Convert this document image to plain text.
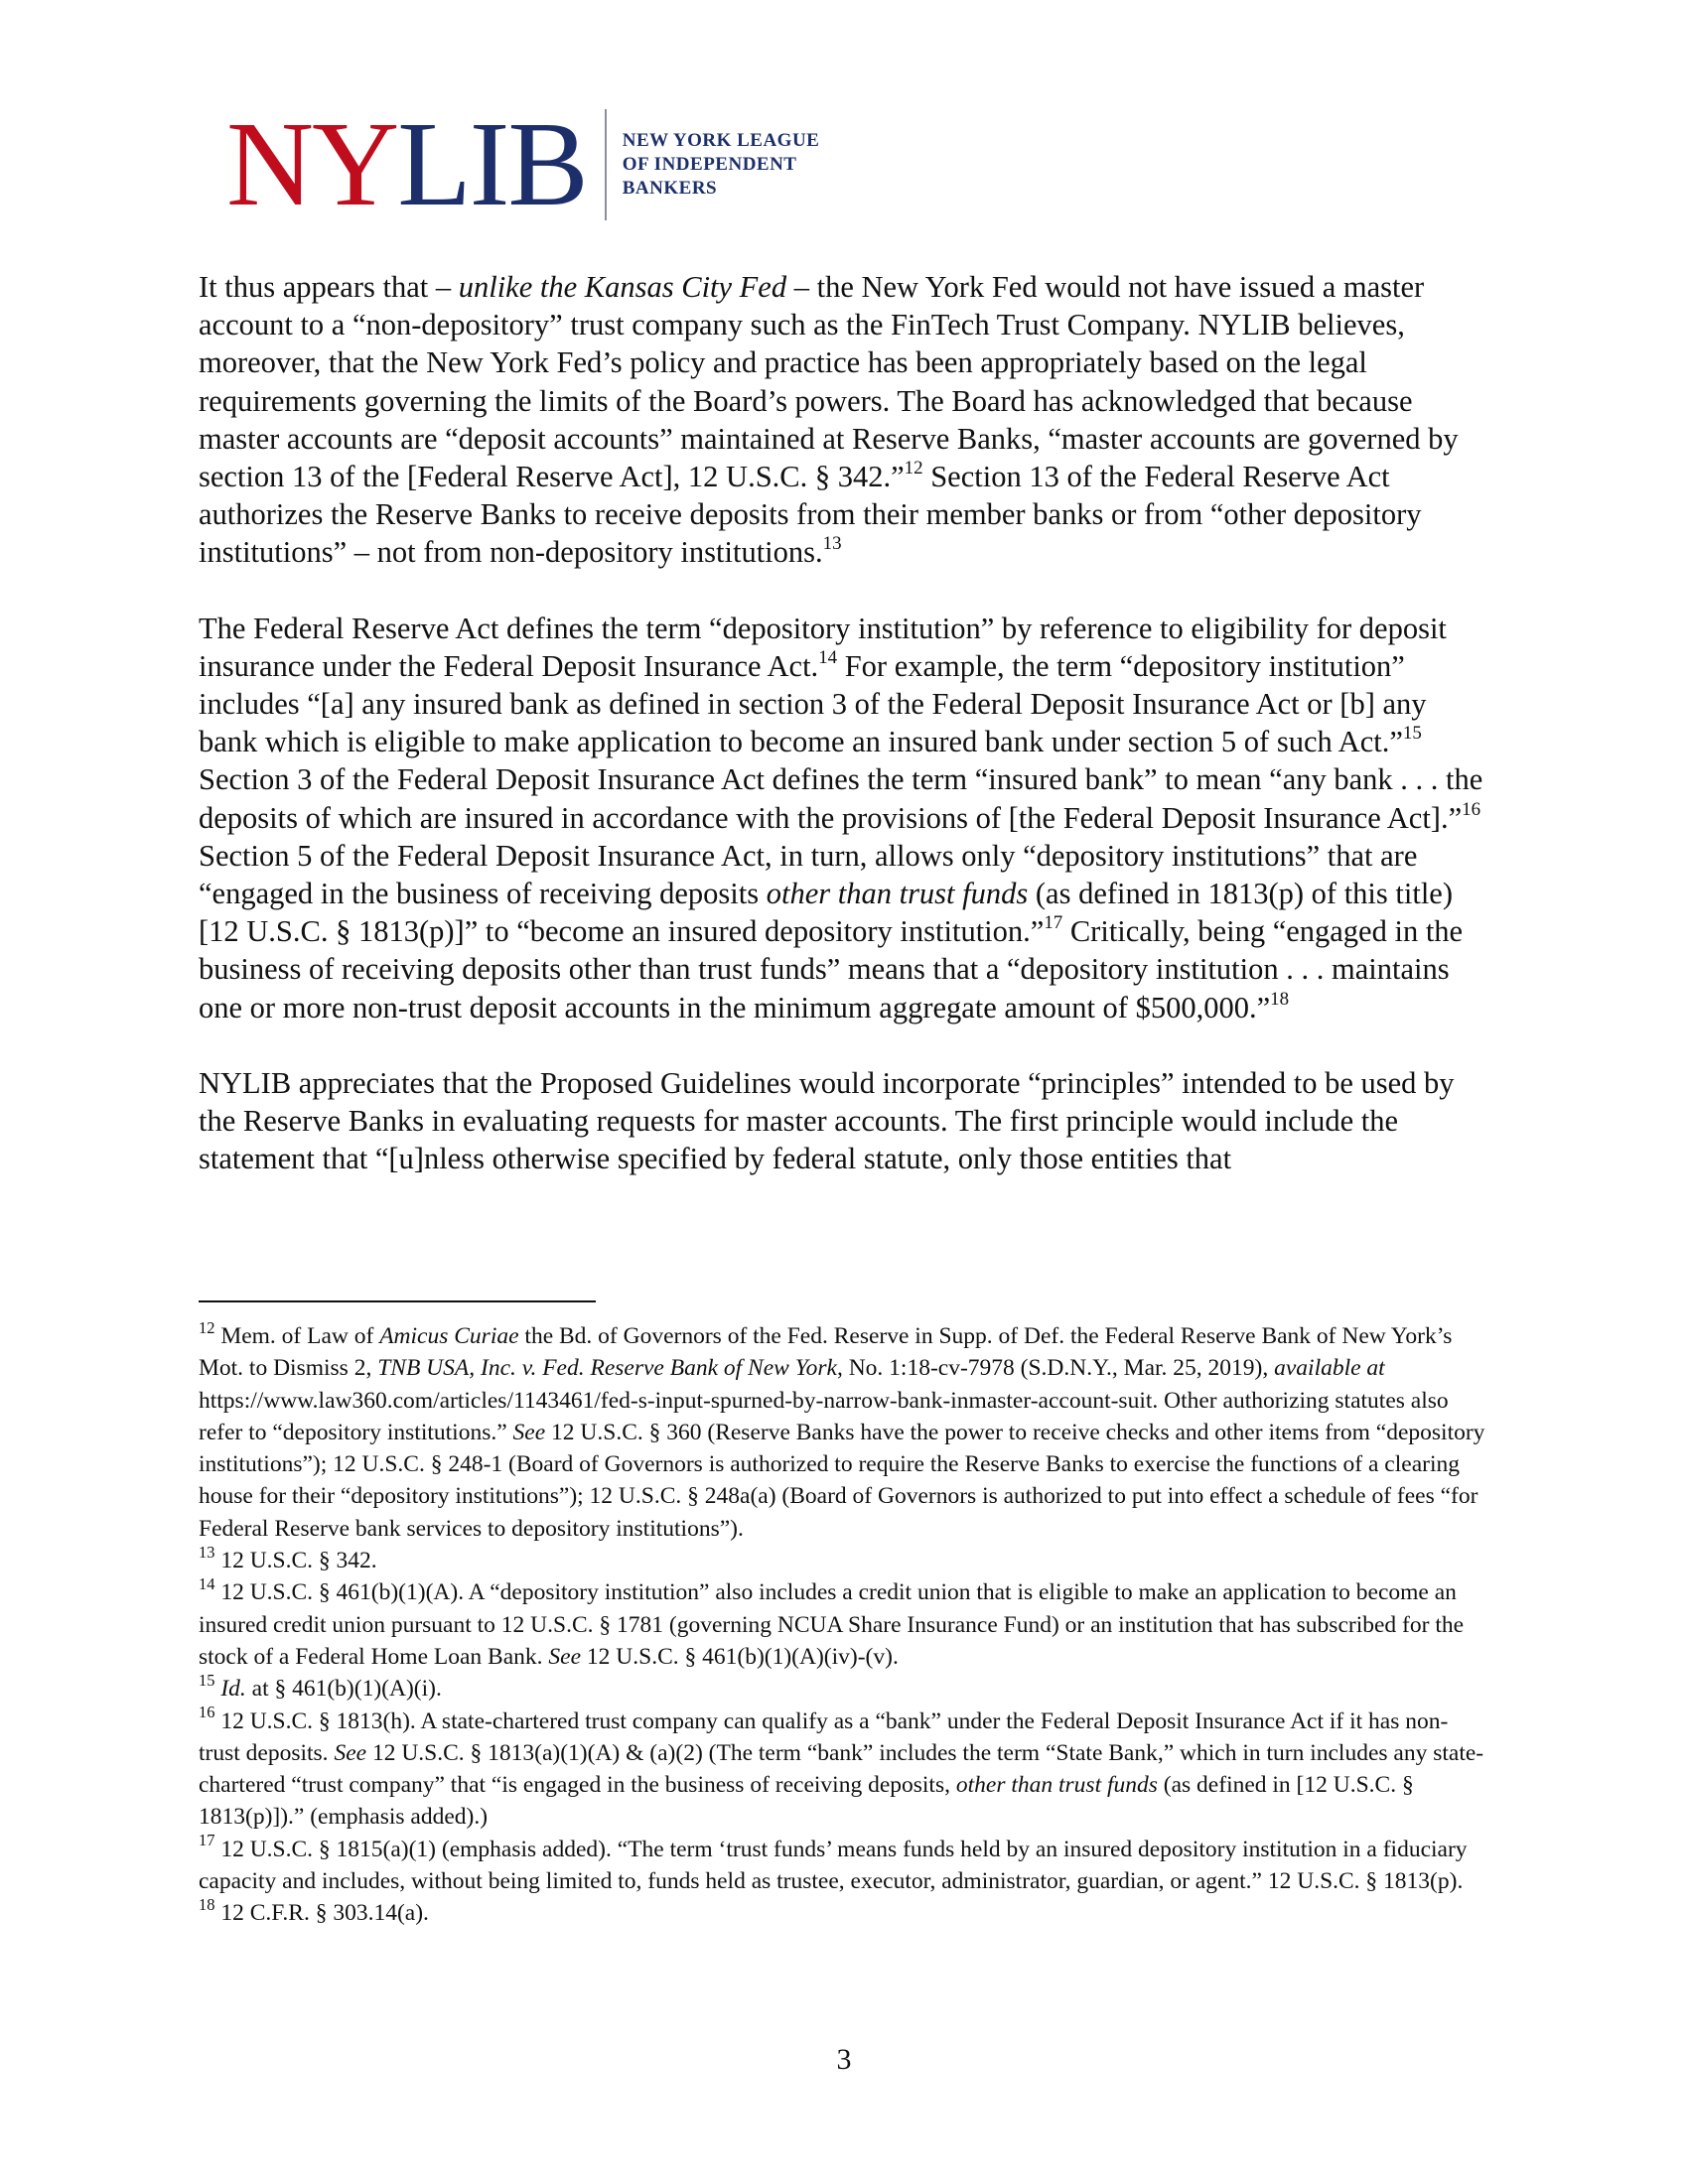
NY LIB NEW YORK LEAGUE
OF INDEPENDENT
BANKERS

It thus appears that – unlike the Kansas City Fed – the New York Fed would not have issued a master account to a “non-depository” trust company such as the FinTech Trust Company. NYLIB believes, moreover, that the New York Fed’s policy and practice has been appropriately based on the legal requirements governing the limits of the Board’s powers. The Board has acknowledged that because master accounts are “deposit accounts” maintained at Reserve Banks, “master accounts are governed by section 13 of the [Federal Reserve Act], 12 U.S.C. § 342.”$^{12}$ Section 13 of the Federal Reserve Act authorizes the Reserve Banks to receive deposits from their member banks or from “other depository institutions” – not from non-depository institutions.$^{13}$

The Federal Reserve Act defines the term “depository institution” by reference to eligibility for deposit insurance under the Federal Deposit Insurance Act.$^{14}$ For example, the term “depository institution” includes “[a] any insured bank as defined in section 3 of the Federal Deposit Insurance Act or [b] any bank which is eligible to make application to become an insured bank under section 5 of such Act.”$^{15}$ Section 3 of the Federal Deposit Insurance Act defines the term “insured bank” to mean “any bank . . . the deposits of which are insured in accordance with the provisions of [the Federal Deposit Insurance Act].”$^{16}$ Section 5 of the Federal Deposit Insurance Act, in turn, allows only “depository institutions” that are “engaged in the business of receiving deposits other than trust funds (as defined in 1813(p) of this title) [12 U.S.C. § 1813(p)]” to “become an insured depository institution.”$^{17}$ Critically, being “engaged in the business of receiving deposits other than trust funds” means that a “depository institution . . . maintains one or more non-trust deposit accounts in the minimum aggregate amount of $500,000.”$^{18}$

NYLIB appreciates that the Proposed Guidelines would incorporate “principles” intended to be used by the Reserve Banks in evaluating requests for master accounts. The first principle would include the statement that “[u]nless otherwise specified by federal statute, only those entities that

$^{12}$ Mem. of Law of Amicus Curiae the Bd. of Governors of the Fed. Reserve in Supp. of Def. the Federal Reserve Bank of New York’s Mot. to Dismiss 2, TNB USA, Inc. v. Fed. Reserve Bank of New York, No. 1:18-cv-7978 (S.D.N.Y., Mar. 25, 2019), available at https://www.law360.com/articles/1143461/fed-s-input-spurned-by-narrow-bank-inmaster-account-suit. Other authorizing statutes also refer to “depository institutions.” See 12 U.S.C. § 360 (Reserve Banks have the power to receive checks and other items from “depository institutions”); 12 U.S.C. § 248-1 (Board of Governors is authorized to require the Reserve Banks to exercise the functions of a clearing house for their “depository institutions”); 12 U.S.C. § 248a(a) (Board of Governors is authorized to put into effect a schedule of fees “for Federal Reserve bank services to depository institutions”).

$^{13}$ 12 U.S.C. § 342.

$^{14}$ 12 U.S.C. § 461(b)(1)(A). A “depository institution” also includes a credit union that is eligible to make an application to become an insured credit union pursuant to 12 U.S.C. § 1781 (governing NCUA Share Insurance Fund) or an institution that has subscribed for the stock of a Federal Home Loan Bank. See 12 U.S.C. § 461(b)(1)(A)(iv)-(v).

$^{15}$ Id. at § 461(b)(1)(A)(i).

$^{16}$ 12 U.S.C. § 1813(h). A state-chartered trust company can qualify as a “bank” under the Federal Deposit Insurance Act if it has non-trust deposits. See 12 U.S.C. § 1813(a)(1)(A) & (a)(2) (The term “bank” includes the term “State Bank,” which in turn includes any state-chartered “trust company” that “is engaged in the business of receiving deposits, other than trust funds (as defined in [12 U.S.C. § 1813(p)]).” (emphasis added).)

$^{17}$ 12 U.S.C. § 1815(a)(1) (emphasis added). “The term ‘trust funds’ means funds held by an insured depository institution in a fiduciary capacity and includes, without being limited to, funds held as trustee, executor, administrator, guardian, or agent.” 12 U.S.C. § 1813(p).

$^{18}$ 12 C.F.R. § 303.14(a).

3
